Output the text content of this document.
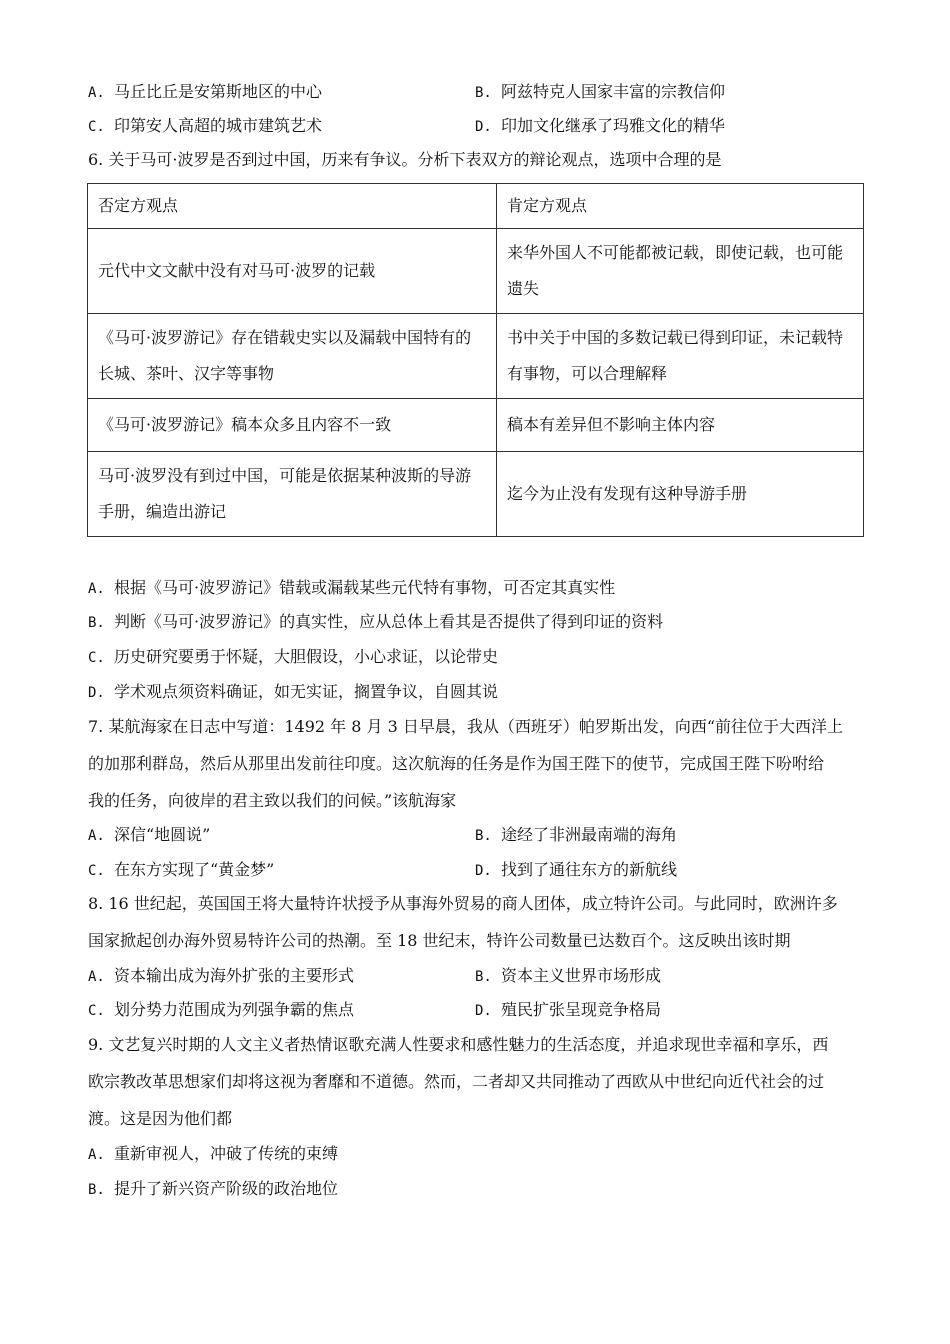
A. 马丘比丘是安第斯地区的中心	B. 阿兹特克人国家丰富的宗教信仰
C. 印第安人高超的城市建筑艺术	D. 印加文化继承了玛雅文化的精华
6. 关于马可·波罗是否到过中国，历来有争议。分析下表双方的辩论观点，选项中合理的是
否定方观点	肯定方观点
元代中文文献中没有对马可·波罗的记载	来华外国人不可能都被记载，即使记载，也可能遗失
《马可·波罗游记》存在错载史实以及漏载中国特有的长城、茶叶、汉字等事物	书中关于中国的多数记载已得到印证，未记载特有事物，可以合理解释
《马可·波罗游记》稿本众多且内容不一致	稿本有差异但不影响主体内容
马可·波罗没有到过中国，可能是依据某种波斯的导游手册，编造出游记	迄今为止没有发现有这种导游手册
A. 根据《马可·波罗游记》错载或漏载某些元代特有事物，可否定其真实性
B. 判断《马可·波罗游记》的真实性，应从总体上看其是否提供了得到印证的资料
C. 历史研究要勇于怀疑，大胆假设，小心求证，以论带史
D. 学术观点须资料确证，如无实证，搁置争议，自圆其说
7. 某航海家在日志中写道：1492 年 8 月 3 日早晨，我从（西班牙）帕罗斯出发，向西“前往位于大西洋上
的加那利群岛，然后从那里出发前往印度。这次航海的任务是作为国王陛下的使节，完成国王陛下吩咐给
我的任务，向彼岸的君主致以我们的问候。”该航海家
A. 深信“地圆说”	B. 途经了非洲最南端的海角
C. 在东方实现了“黄金梦”	D. 找到了通往东方的新航线
8. 16 世纪起，英国国王将大量特许状授予从事海外贸易的商人团体，成立特许公司。与此同时，欧洲许多
国家掀起创办海外贸易特许公司的热潮。至 18 世纪末，特许公司数量已达数百个。这反映出该时期
A. 资本输出成为海外扩张的主要形式	B. 资本主义世界市场形成
C. 划分势力范围成为列强争霸的焦点	D. 殖民扩张呈现竞争格局
9. 文艺复兴时期的人文主义者热情讴歌充满人性要求和感性魅力的生活态度，并追求现世幸福和享乐，西
欧宗教改革思想家们却将这视为奢靡和不道德。然而，二者却又共同推动了西欧从中世纪向近代社会的过
渡。这是因为他们都
A. 重新审视人，冲破了传统的束缚
B. 提升了新兴资产阶级的政治地位
